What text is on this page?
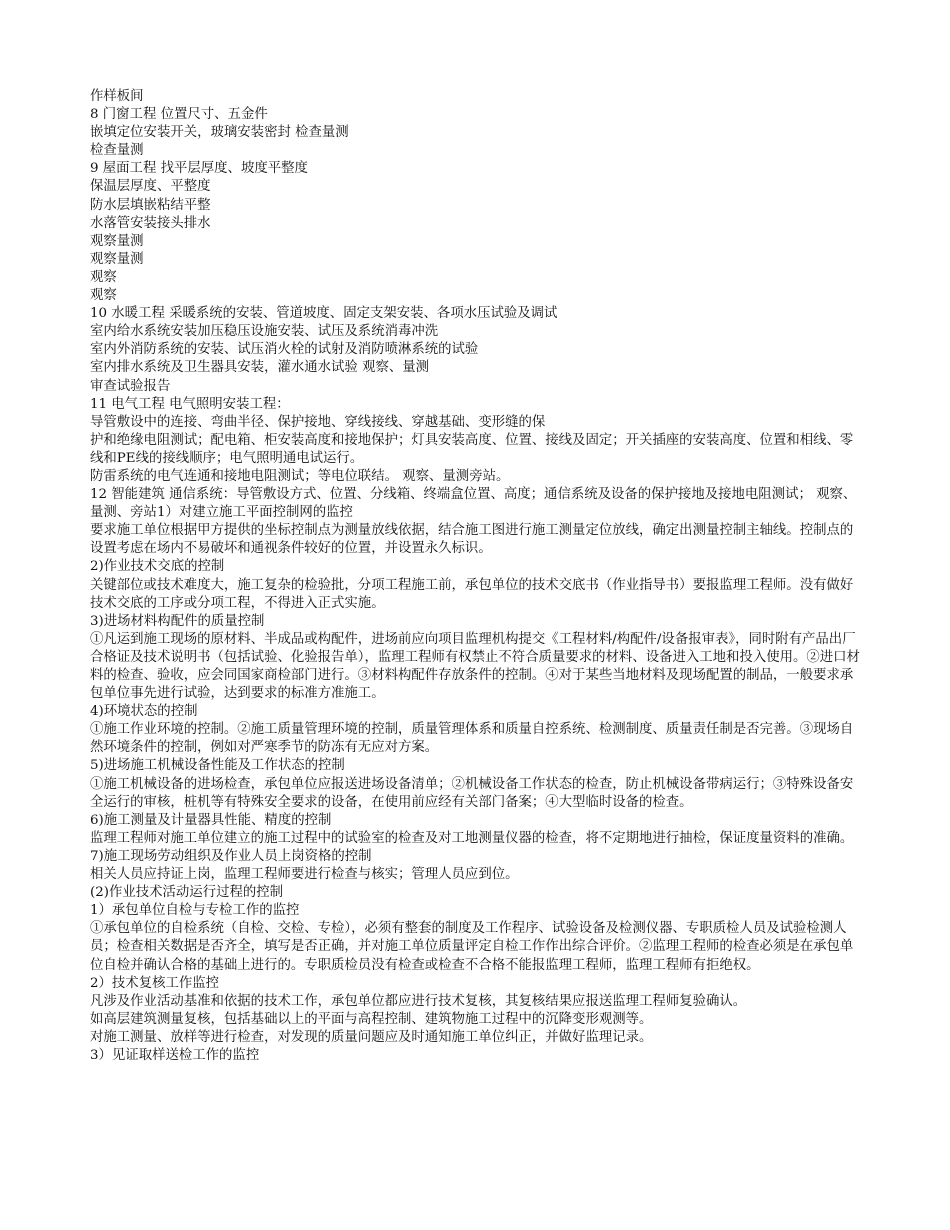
作样板间

8 门窗工程 位置尺寸、五金件

嵌填定位安装开关，玻璃安装密封 检查量测

检查量测

9 屋面工程 找平层厚度、坡度平整度

保温层厚度、平整度

防水层填嵌粘结平整

水落管安装接头排水

观察量测

观察量测

观察

观察

10 水暖工程 采暖系统的安装、管道坡度、固定支架安装、各项水压试验及调试

室内给水系统安装加压稳压设施安装、试压及系统消毒冲洗

室内外消防系统的安装、试压消火栓的试射及消防喷淋系统的试验

室内排水系统及卫生器具安装，灌水通水试验 观察、量测

审查试验报告

11 电气工程 电气照明安装工程：

导管敷设中的连接、弯曲半径、保护接地、穿线接线、穿越基础、变形缝的保

护和绝缘电阻测试；配电箱、柜安装高度和接地保护；灯具安装高度、位置、接线及固定；开关插座的安装高度、位置和相线、零线和PE线的接线顺序；电气照明通电试运行。

防雷系统的电气连通和接地电阻测试；等电位联结。 观察、量测旁站。

12 智能建筑 通信系统：导管敷设方式、位置、分线箱、终端盒位置、高度；通信系统及设备的保护接地及接地电阻测试； 观察、量测、旁站1）对建立施工平面控制网的监控

要求施工单位根据甲方提供的坐标控制点为测量放线依据，结合施工图进行施工测量定位放线，确定出测量控制主轴线。控制点的设置考虑在场内不易破坏和通视条件较好的位置，并设置永久标识。

2)作业技术交底的控制

关键部位或技术难度大，施工复杂的检验批，分项工程施工前，承包单位的技术交底书（作业指导书）要报监理工程师。没有做好技术交底的工序或分项工程，不得进入正式实施。

3)进场材料构配件的质量控制

①凡运到施工现场的原材料、半成品或构配件，进场前应向项目监理机构提交《工程材料/构配件/设备报审表》，同时附有产品出厂合格证及技术说明书（包括试验、化验报告单），监理工程师有权禁止不符合质量要求的材料、设备进入工地和投入使用。②进口材料的检查、验收，应会同国家商检部门进行。③材料构配件存放条件的控制。④对于某些当地材料及现场配置的制品，一般要求承包单位事先进行试验，达到要求的标准方准施工。

4)环境状态的控制

①施工作业环境的控制。②施工质量管理环境的控制，质量管理体系和质量自控系统、检测制度、质量责任制是否完善。③现场自然环境条件的控制，例如对严寒季节的防冻有无应对方案。

5)进场施工机械设备性能及工作状态的控制

①施工机械设备的进场检查，承包单位应报送进场设备清单；②机械设备工作状态的检查，防止机械设备带病运行；③特殊设备安全运行的审核，桩机等有特殊安全要求的设备，在使用前应经有关部门备案；④大型临时设备的检查。

6)施工测量及计量器具性能、精度的控制

监理工程师对施工单位建立的施工过程中的试验室的检查及对工地测量仪器的检查，将不定期地进行抽检，保证度量资料的准确。

7)施工现场劳动组织及作业人员上岗资格的控制

相关人员应持证上岗，监理工程师要进行检查与核实；管理人员应到位。

(2)作业技术活动运行过程的控制

1）承包单位自检与专检工作的监控

①承包单位的自检系统（自检、交检、专检），必须有整套的制度及工作程序、试验设备及检测仪器、专职质检人员及试验检测人员；检查相关数据是否齐全，填写是否正确，并对施工单位质量评定自检工作作出综合评价。②监理工程师的检查必须是在承包单位自检并确认合格的基础上进行的。专职质检员没有检查或检查不合格不能报监理工程师，监理工程师有拒绝权。

2）技术复核工作监控

凡涉及作业活动基准和依据的技术工作，承包单位都应进行技术复核，其复核结果应报送监理工程师复验确认。

如高层建筑测量复核，包括基础以上的平面与高程控制、建筑物施工过程中的沉降变形观测等。

对施工测量、放样等进行检查，对发现的质量问题应及时通知施工单位纠正，并做好监理记录。

3）见证取样送检工作的监控
